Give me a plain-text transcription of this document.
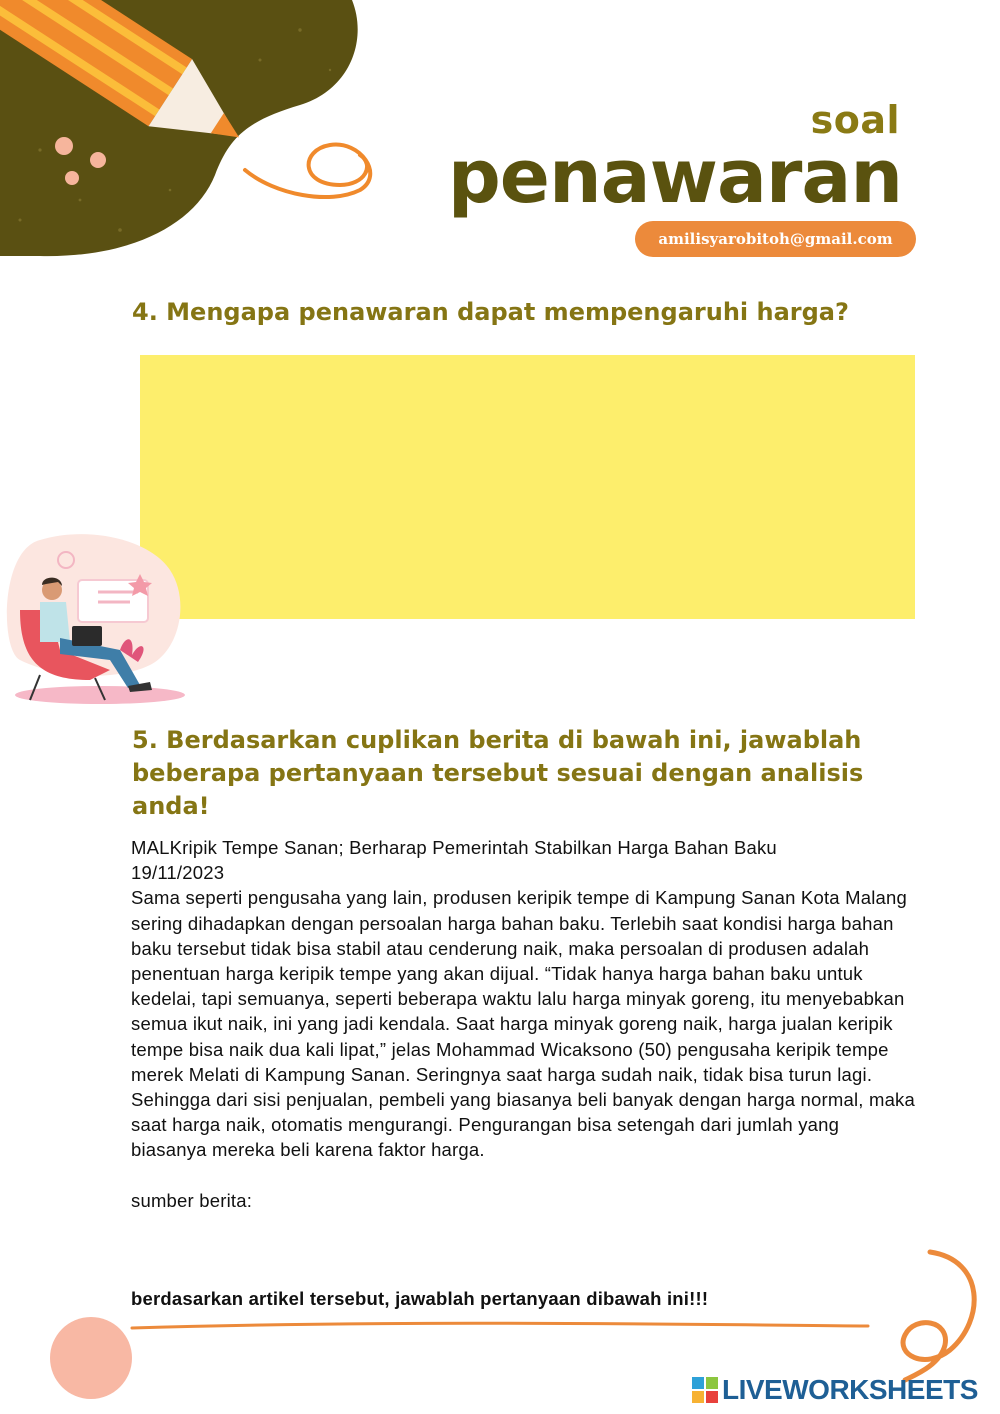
soal
penawaran
amilisyarobitoh@gmail.com
4. Mengapa penawaran dapat mempengaruhi harga?
5. Berdasarkan cuplikan berita di bawah ini, jawablah beberapa pertanyaan tersebut sesuai dengan analisis anda!

MALKripik Tempe Sanan; Berharap Pemerintah Stabilkan Harga Bahan Baku

19/11/2023

Sama seperti pengusaha yang lain, produsen keripik tempe di Kampung Sanan Kota Malang sering dihadapkan dengan persoalan harga bahan baku. Terlebih saat kondisi harga bahan baku tersebut tidak bisa stabil atau cenderung naik, maka persoalan di produsen adalah penentuan harga keripik tempe yang akan dijual. “Tidak hanya harga bahan baku untuk kedelai, tapi semuanya, seperti beberapa waktu lalu harga minyak goreng, itu menyebabkan semua ikut naik, ini yang jadi kendala. Saat harga minyak goreng naik, harga jualan keripik tempe bisa naik dua kali lipat,” jelas Mohammad Wicaksono (50) pengusaha keripik tempe merek Melati di Kampung Sanan. Seringnya saat harga sudah naik, tidak bisa turun lagi. Sehingga dari sisi penjualan, pembeli yang biasanya beli banyak dengan harga normal, maka saat harga naik, otomatis mengurangi. Pengurangan bisa setengah dari jumlah yang biasanya mereka beli karena faktor harga.

sumber berita:

berdasarkan artikel tersebut, jawablah pertanyaan dibawah ini!!!
LIVEWORKSHEETS
